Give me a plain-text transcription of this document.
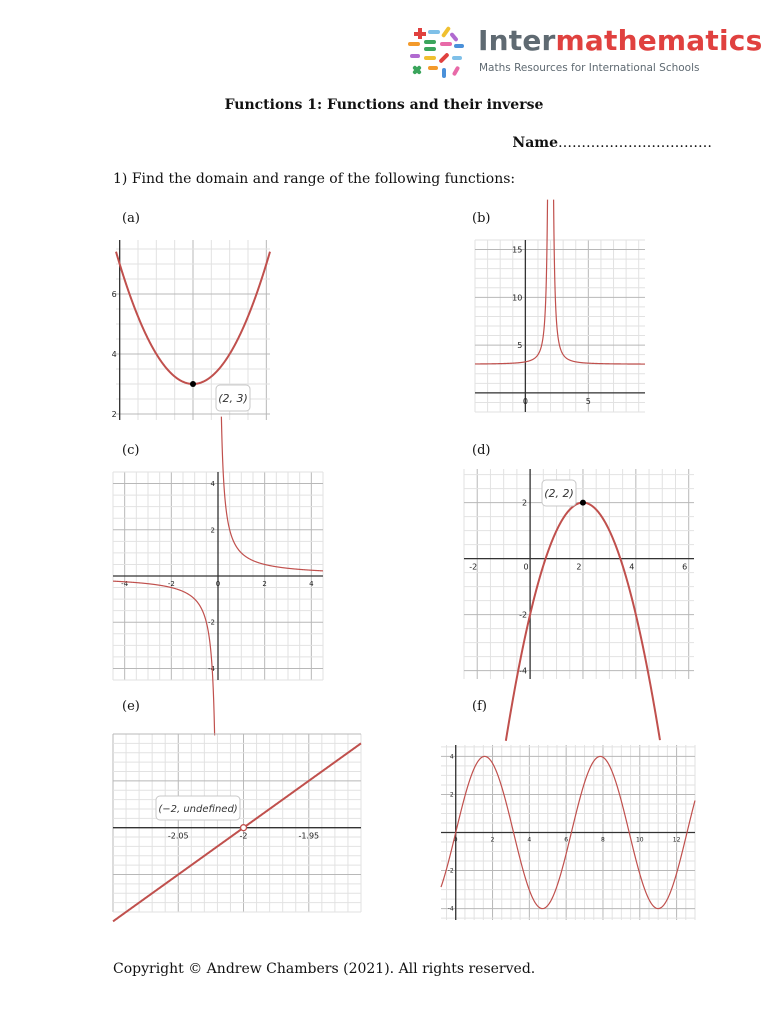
Intermathematics
Maths Resources for International Schools
Functions 1: Functions and their inverse
Name……………………………
1) Find the domain and range of the following functions:
(a)	(b)
(c)	(d)
(e)	(f)
2
4
6
(2, 3)	0	5
5
10
15
-4	-2	0	2	4
4
2
-2
-4
-2	0	2	4	6
2
-2
-4
(2, 2)
-2.05	-2	-1.95
(−2, undefined)
0	2	4	6	8	10	12
4
2
-2
-4
Copyright © Andrew Chambers (2021). All rights reserved.
